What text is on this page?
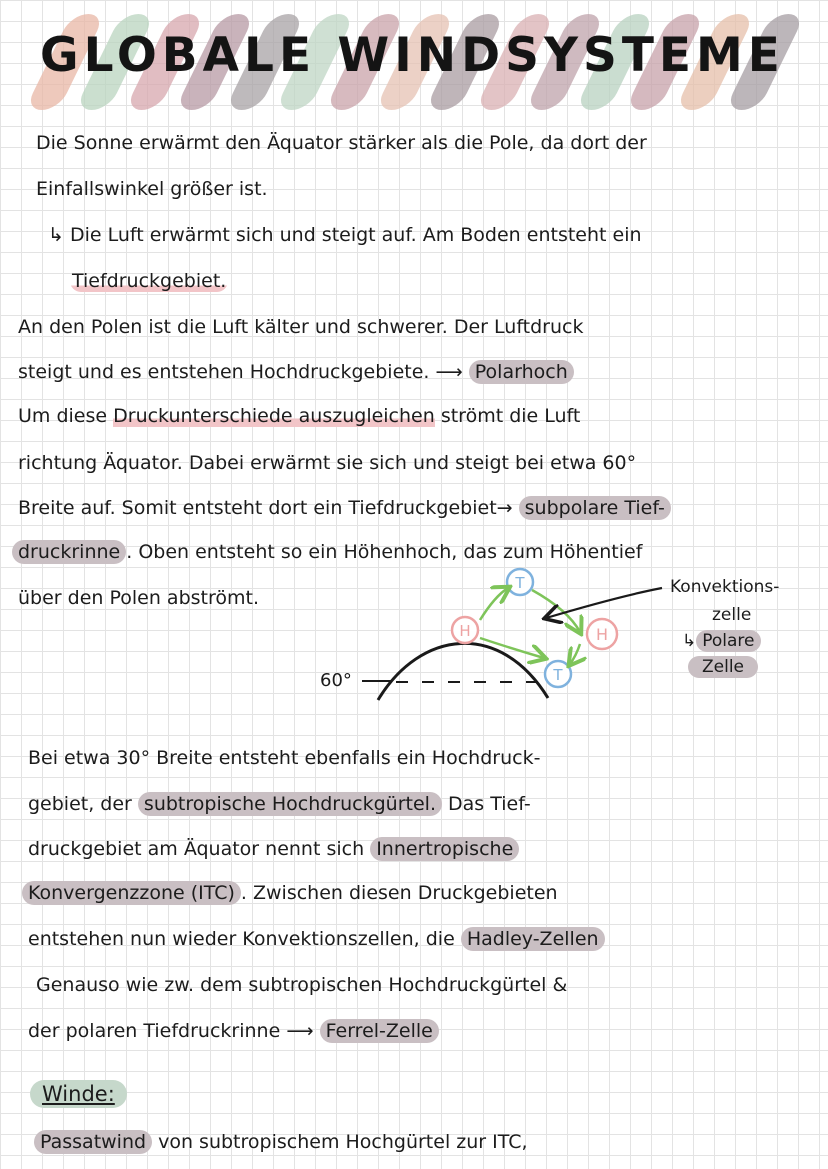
GLOBALE WINDSYSTEME

Die Sonne erwärmt den Äquator stärker als die Pole, da dort der

Einfallswinkel größer ist.

↳ Die Luft erwärmt sich und steigt auf. Am Boden entsteht ein

Tiefdruckgebiet.

An den Polen ist die Luft kälter und schwerer. Der Luftdruck

steigt und es entstehen Hochdruckgebiete. ⟶ Polarhoch

Um diese Druckunterschiede auszugleichen strömt die Luft

richtung Äquator. Dabei erwärmt sie sich und steigt bei etwa 60°

Breite auf. Somit entsteht dort ein Tiefdruckgebiet→ subpolare Tief-

druckrinne . Oben entsteht so ein Höhenhoch, das zum Höhentief

über den Polen abströmt.

60°
T
T
H	H

Konvektions-

zelle

↳ Polare

Zelle

Bei etwa 30° Breite entsteht ebenfalls ein Hochdruck-

gebiet, der subtropische Hochdruckgürtel. Das Tief-

druckgebiet am Äquator nennt sich Innertropische

Konvergenzzone (ITC) . Zwischen diesen Druckgebieten

entstehen nun wieder Konvektionszellen, die Hadley-Zellen

Genauso wie zw. dem subtropischen Hochdruckgürtel &

der polaren Tiefdruckrinne ⟶ Ferrel-Zelle

Winde:

Passatwind von subtropischem Hochgürtel zur ITC,
